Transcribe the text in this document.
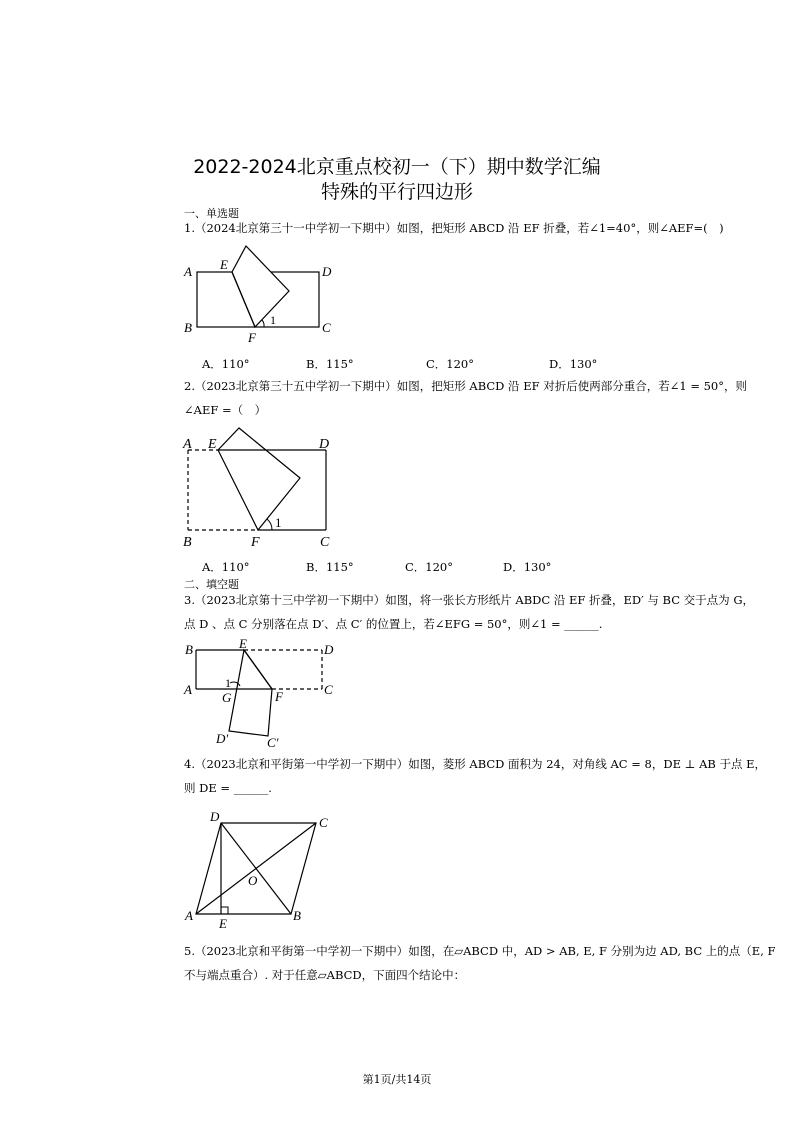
2022-2024北京重点校初一（下）期中数学汇编
特殊的平行四边形
一、单选题
1.（2024北京第三十一中学初一下期中）如图，把矩形 ABCD 沿 EF 折叠，若∠1=40°，则∠AEF=(　)
A E	D
B
F
C
1
A．110°	B．115°	C．120°	D．130°
2.（2023北京第三十五中学初一下期中）如图，把矩形 ABCD 沿 EF 对折后使两部分重合，若∠1 = 50°，则
∠AEF =（　）
A E	D
B	F	C
1
A．110°	B．115°	C．120°	D．130°
二、填空题
3.（2023北京第十三中学初一下期中）如图，将一张长方形纸片 ABDC 沿 EF 折叠，ED′ 与 BC 交于点为 G，
点 D 、点 C 分别落在点 D′、点 C′ 的位置上，若∠EFG = 50°，则∠1 = ______.
B	E	D
A	1
G	F	C
D′	C′
4.（2023北京和平街第一中学初一下期中）如图，菱形 ABCD 面积为 24，对角线 AC = 8，DE ⊥ AB 于点 E，
则 DE = ______.
D	C
O
A
E
B
5.（2023北京和平街第一中学初一下期中）如图，在▱ABCD 中，AD > AB, E, F 分别为边 AD, BC 上的点（E, F
不与端点重合）. 对于任意▱ABCD，下面四个结论中：
第1页/共14页
